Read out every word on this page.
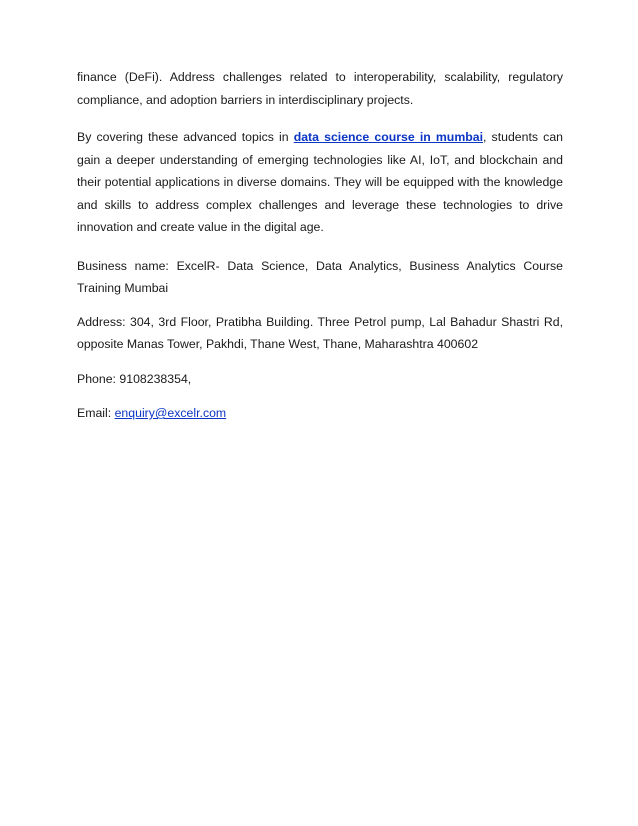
finance (DeFi). Address challenges related to interoperability, scalability, regulatory compliance, and adoption barriers in interdisciplinary projects.

By covering these advanced topics in data science course in mumbai, students can gain a deeper understanding of emerging technologies like AI, IoT, and blockchain and their potential applications in diverse domains. They will be equipped with the knowledge and skills to address complex challenges and leverage these technologies to drive innovation and create value in the digital age.

Business name: ExcelR- Data Science, Data Analytics, Business Analytics Course Training Mumbai

Address: 304, 3rd Floor, Pratibha Building. Three Petrol pump, Lal Bahadur Shastri Rd, opposite Manas Tower, Pakhdi, Thane West, Thane, Maharashtra 400602

Phone: 9108238354,

Email: enquiry@excelr.com
